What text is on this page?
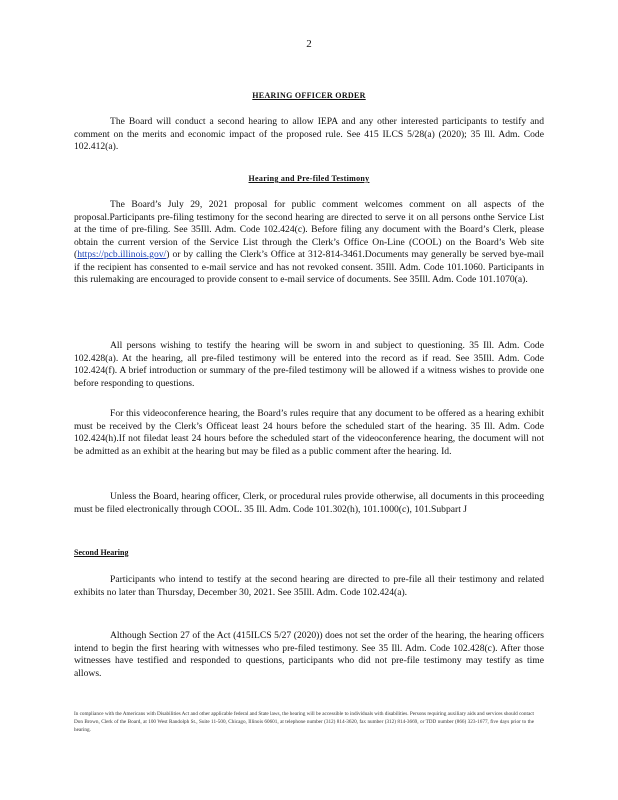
2
HEARING OFFICER ORDER
The Board will conduct a second hearing to allow IEPA and any other interested participants to testify and comment on the merits and economic impact of the proposed rule. See 415 ILCS 5/28(a) (2020); 35 Ill. Adm. Code 102.412(a).
Hearing and Pre-filed Testimony
The Board’s July 29, 2021 proposal for public comment welcomes comment on all aspects of the proposal.Participants pre-filing testimony for the second hearing are directed to serve it on all persons onthe Service List at the time of pre-filing. See 35Ill. Adm. Code 102.424(c). Before filing any document with the Board’s Clerk, please obtain the current version of the Service List through the Clerk’s Office On-Line (COOL) on the Board’s Web site (https://pcb.illinois.gov/) or by calling the Clerk’s Office at 312-814-3461.Documents may generally be served bye-mail if the recipient has consented to e-mail service and has not revoked consent. 35Ill. Adm. Code 101.1060. Participants in this rulemaking are encouraged to provide consent to e-mail service of documents. See 35Ill. Adm. Code 101.1070(a).
All persons wishing to testify the hearing will be sworn in and subject to questioning. 35 Ill. Adm. Code 102.428(a). At the hearing, all pre-filed testimony will be entered into the record as if read. See 35Ill. Adm. Code 102.424(f). A brief introduction or summary of the pre-filed testimony will be allowed if a witness wishes to provide one before responding to questions.
For this videoconference hearing, the Board’s rules require that any document to be offered as a hearing exhibit must be received by the Clerk’s Officeat least 24 hours before the scheduled start of the hearing. 35 Ill. Adm. Code 102.424(h).If not filedat least 24 hours before the scheduled start of the videoconference hearing, the document will not be admitted as an exhibit at the hearing but may be filed as a public comment after the hearing. Id.
Unless the Board, hearing officer, Clerk, or procedural rules provide otherwise, all documents in this proceeding must be filed electronically through COOL. 35 Ill. Adm. Code 101.302(h), 101.1000(c), 101.Subpart J
Second Hearing
Participants who intend to testify at the second hearing are directed to pre-file all their testimony and related exhibits no later than Thursday, December 30, 2021. See 35Ill. Adm. Code 102.424(a).
Although Section 27 of the Act (415ILCS 5/27 (2020)) does not set the order of the hearing, the hearing officers intend to begin the first hearing with witnesses who pre-filed testimony. See 35 Ill. Adm. Code 102.428(c). After those witnesses have testified and responded to questions, participants who did not pre-file testimony may testify as time allows.
In compliance with the Americans with Disabilities Act and other applicable federal and State laws, the hearing will be accessible to individuals with disabilities. Persons requiring auxiliary aids and services should contact Don Brown, Clerk of the Board, at 100 West Randolph St., Suite 11-500, Chicago, Illinois 60601, at telephone number (312) 814-3620, fax number (312) 814-3669, or TDD number (866) 323-1677, five days prior to the hearing.
